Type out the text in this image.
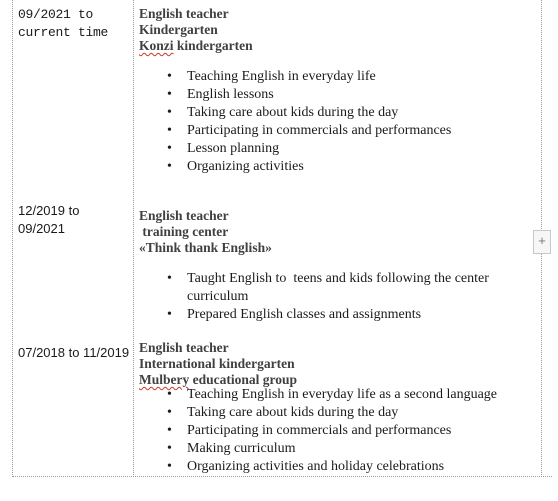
09/2021 to current time
English teacher
Kindergarten
Konzi kindergarten
• Teaching English in everyday life
• English lessons
• Taking care about kids during the day
• Participating in commercials and performances
• Lesson planning
• Organizing activities
12/2019 to 09/2021
English teacher
training center
«Think thank English»
• Taught English to  teens and kids following the center curriculum
• Prepared English classes and assignments
07/2018 to 11/2019 English teacher
International kindergarten
Mulbery educational group
• Teaching English in everyday life as a second language
• Taking care about kids during the day
• Participating in commercials and performances
• Making curriculum
• Organizing activities and holiday celebrations
+
